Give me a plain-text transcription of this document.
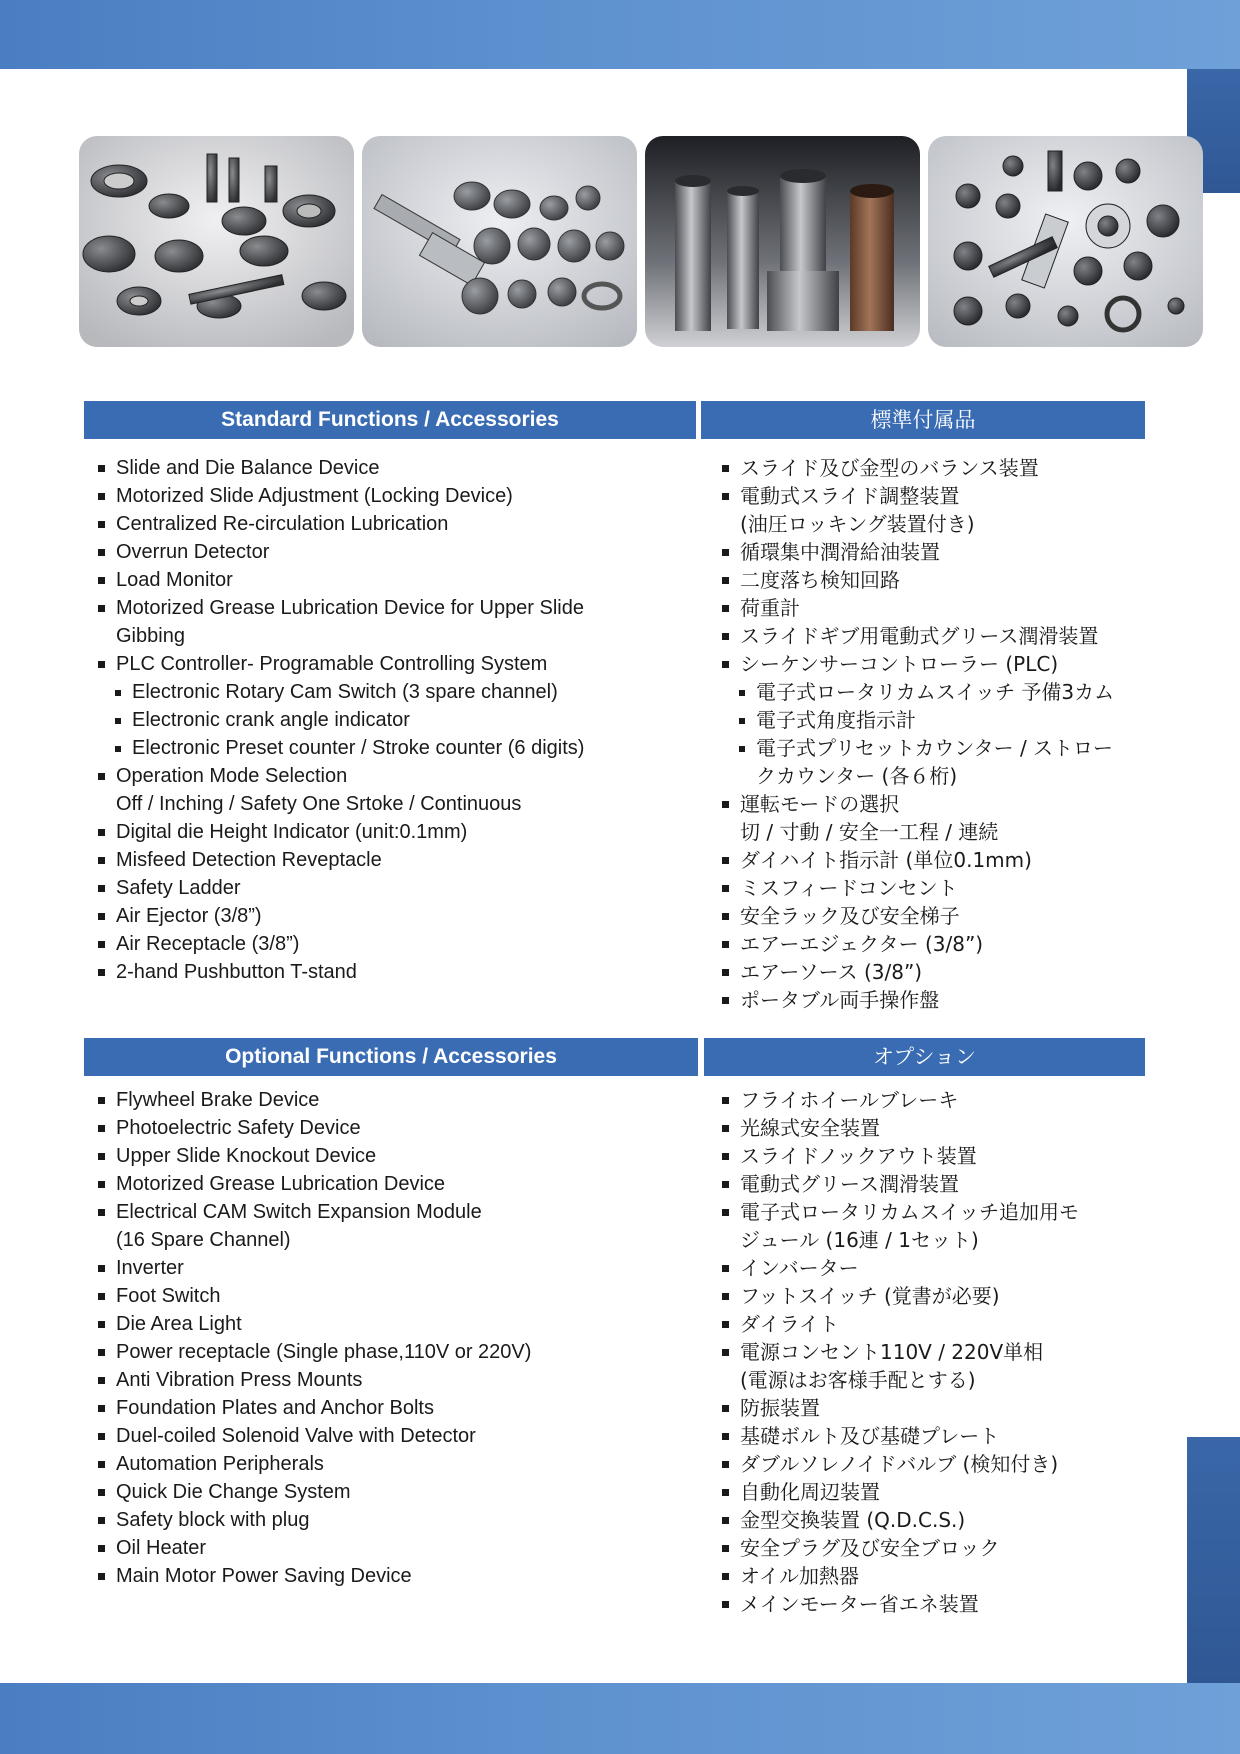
Standard Functions / Accessories	標準付属品
Slide and Die Balance Device
Motorized Slide Adjustment (Locking Device)
Centralized Re-circulation Lubrication
Overrun Detector
Load Monitor
Motorized Grease Lubrication Device for Upper Slide
Gibbing
PLC Controller- Programable Controlling System
Electronic Rotary Cam Switch (3 spare channel)
Electronic crank angle indicator
Electronic Preset counter / Stroke counter (6 digits)
Operation Mode Selection
Off / Inching / Safety One Srtoke / Continuous
Digital die Height Indicator (unit:0.1mm)
Misfeed Detection Reveptacle
Safety Ladder
Air Ejector (3/8”)
Air Receptacle (3/8”)
2-hand Pushbutton T-stand
スライド及び金型のバランス装置
電動式スライド調整装置
(油圧ロッキング装置付き)
循環集中潤滑給油装置
二度落ち検知回路
荷重計
スライドギブ用電動式グリース潤滑装置
シーケンサーコントローラー (PLC)
電子式ロータリカムスイッチ 予備3カム
電子式角度指示計
電子式プリセットカウンター / ストロー
クカウンター (各６桁)
運転モードの選択
切 / 寸動 / 安全一工程 / 連続
ダイハイト指示計 (単位0.1mm)
ミスフィードコンセント
安全ラック及び安全梯子
エアーエジェクター (3/8”)
エアーソース (3/8”)
ポータブル両手操作盤
Optional Functions / Accessories	オプション
Flywheel Brake Device
Photoelectric Safety Device
Upper Slide Knockout Device
Motorized Grease Lubrication Device
Electrical CAM Switch Expansion Module
(16 Spare Channel)
Inverter
Foot Switch
Die Area Light
Power receptacle (Single phase,110V or 220V)
Anti Vibration Press Mounts
Foundation Plates and Anchor Bolts
Duel-coiled Solenoid Valve with Detector
Automation Peripherals
Quick Die Change System
Safety block with plug
Oil Heater
Main Motor Power Saving Device
フライホイールブレーキ
光線式安全装置
スライドノックアウト装置
電動式グリース潤滑装置
電子式ロータリカムスイッチ追加用モ
ジュール (16連 / 1セット)
インバーター
フットスイッチ (覚書が必要)
ダイライト
電源コンセント110V / 220V単相
(電源はお客様手配とする)
防振装置
基礎ボルト及び基礎プレート
ダブルソレノイドバルブ (検知付き)
自動化周辺装置
金型交換装置 (Q.D.C.S.)
安全プラグ及び安全ブロック
オイル加熱器
メインモーター省エネ装置
